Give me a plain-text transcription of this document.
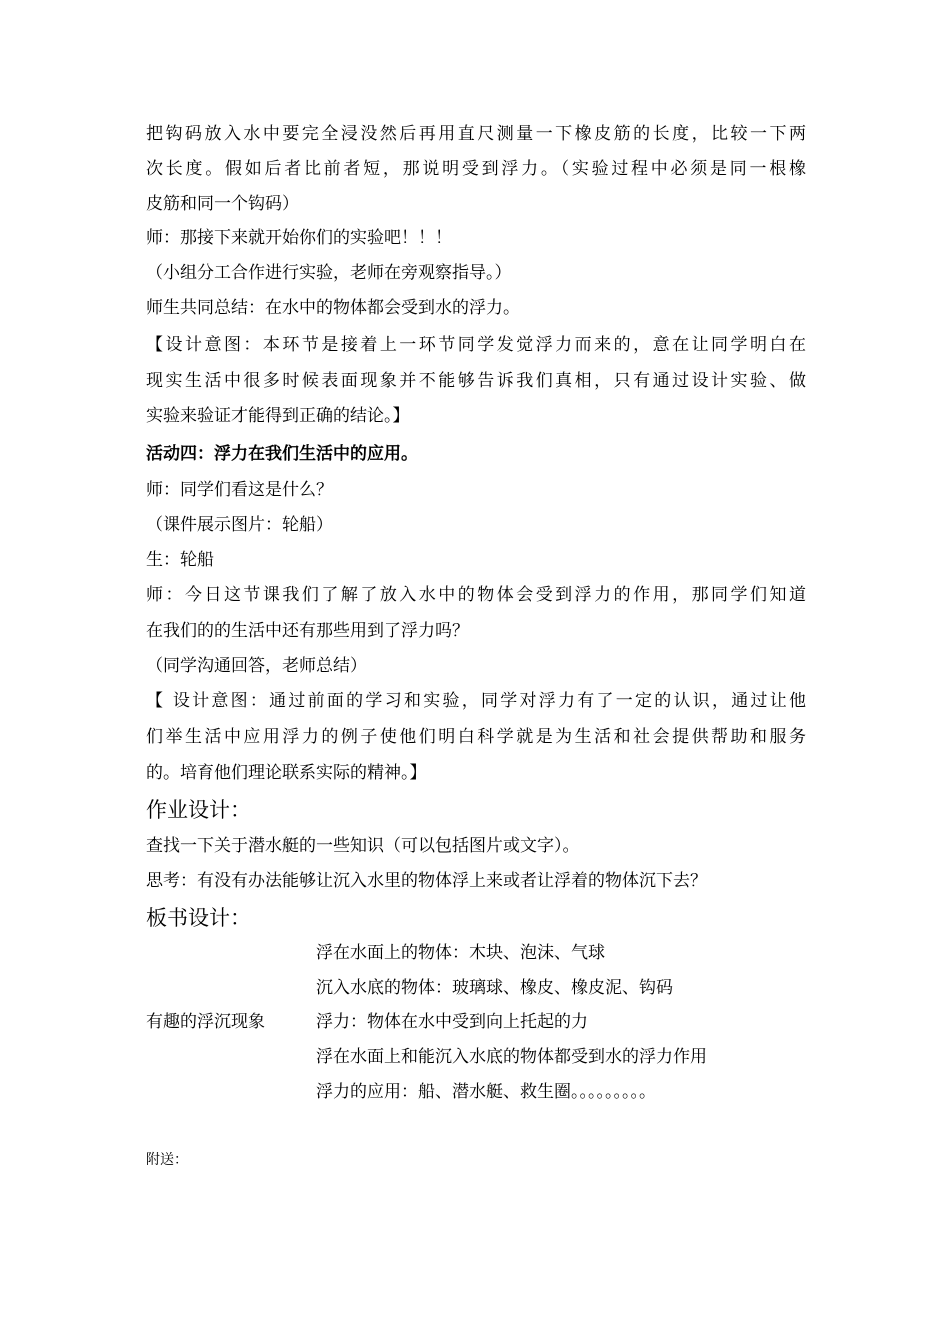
把钩码放入水中要完全浸没然后再用直尺测量一下橡皮筋的长度，比较一下两
次长度。假如后者比前者短，那说明受到浮力。（实验过程中必须是同一根橡
皮筋和同一个钩码）
师：那接下来就开始你们的实验吧！！！
（小组分工合作进行实验，老师在旁观察指导。）
师生共同总结：在水中的物体都会受到水的浮力。
【设计意图：本环节是接着上一环节同学发觉浮力而来的，意在让同学明白在
现实生活中很多时候表面现象并不能够告诉我们真相，只有通过设计实验、做
实验来验证才能得到正确的结论。】
活动四：浮力在我们生活中的应用。
师：同学们看这是什么？
（课件展示图片：轮船）
生：轮船
师：今日这节课我们了解了放入水中的物体会受到浮力的作用，那同学们知道
在我们的的生活中还有那些用到了浮力吗？
（同学沟通回答，老师总结）
【 设计意图：通过前面的学习和实验，同学对浮力有了一定的认识，通过让他
们举生活中应用浮力的例子使他们明白科学就是为生活和社会提供帮助和服务
的。培育他们理论联系实际的精神。】
作业设计：
查找一下关于潜水艇的一些知识（可以包括图片或文字）。
思考：有没有办法能够让沉入水里的物体浮上来或者让浮着的物体沉下去？
板书设计：
浮在水面上的物体：木块、泡沫、气球
沉入水底的物体：玻璃球、橡皮、橡皮泥、钩码
有趣的浮沉现象	浮力：物体在水中受到向上托起的力
浮在水面上和能沉入水底的物体都受到水的浮力作用
浮力的应用：船、潜水艇、救生圈。。。。。。。。。
附送：
